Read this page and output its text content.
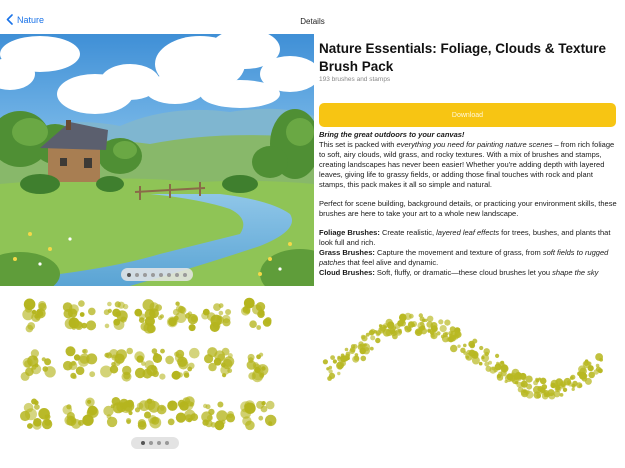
Nature	Details
Nature Essentials: Foliage, Clouds & Texture Brush Pack
193 brushes and stamps
Download

Bring the great outdoors to your canvas!

This set is packed with everything you need for painting nature scenes – from rich foliage to soft, airy clouds, wild grass, and rocky textures. With a mix of brushes and stamps, creating landscapes has never been easier! Whether you're adding depth with layered leaves, giving life to grassy fields, or adding those final touches with rock and plant stamps, this pack makes it all so simple and natural.

Perfect for scene building, background details, or practicing your environment skills, these brushes are here to take your art to a whole new landscape.

Foliage Brushes: Create realistic, layered leaf effects for trees, bushes, and plants that look full and rich.

Grass Brushes: Capture the movement and texture of grass, from soft fields to rugged patches that feel alive and dynamic.

Cloud Brushes: Soft, fluffy, or dramatic—these cloud brushes let you shape the sky
